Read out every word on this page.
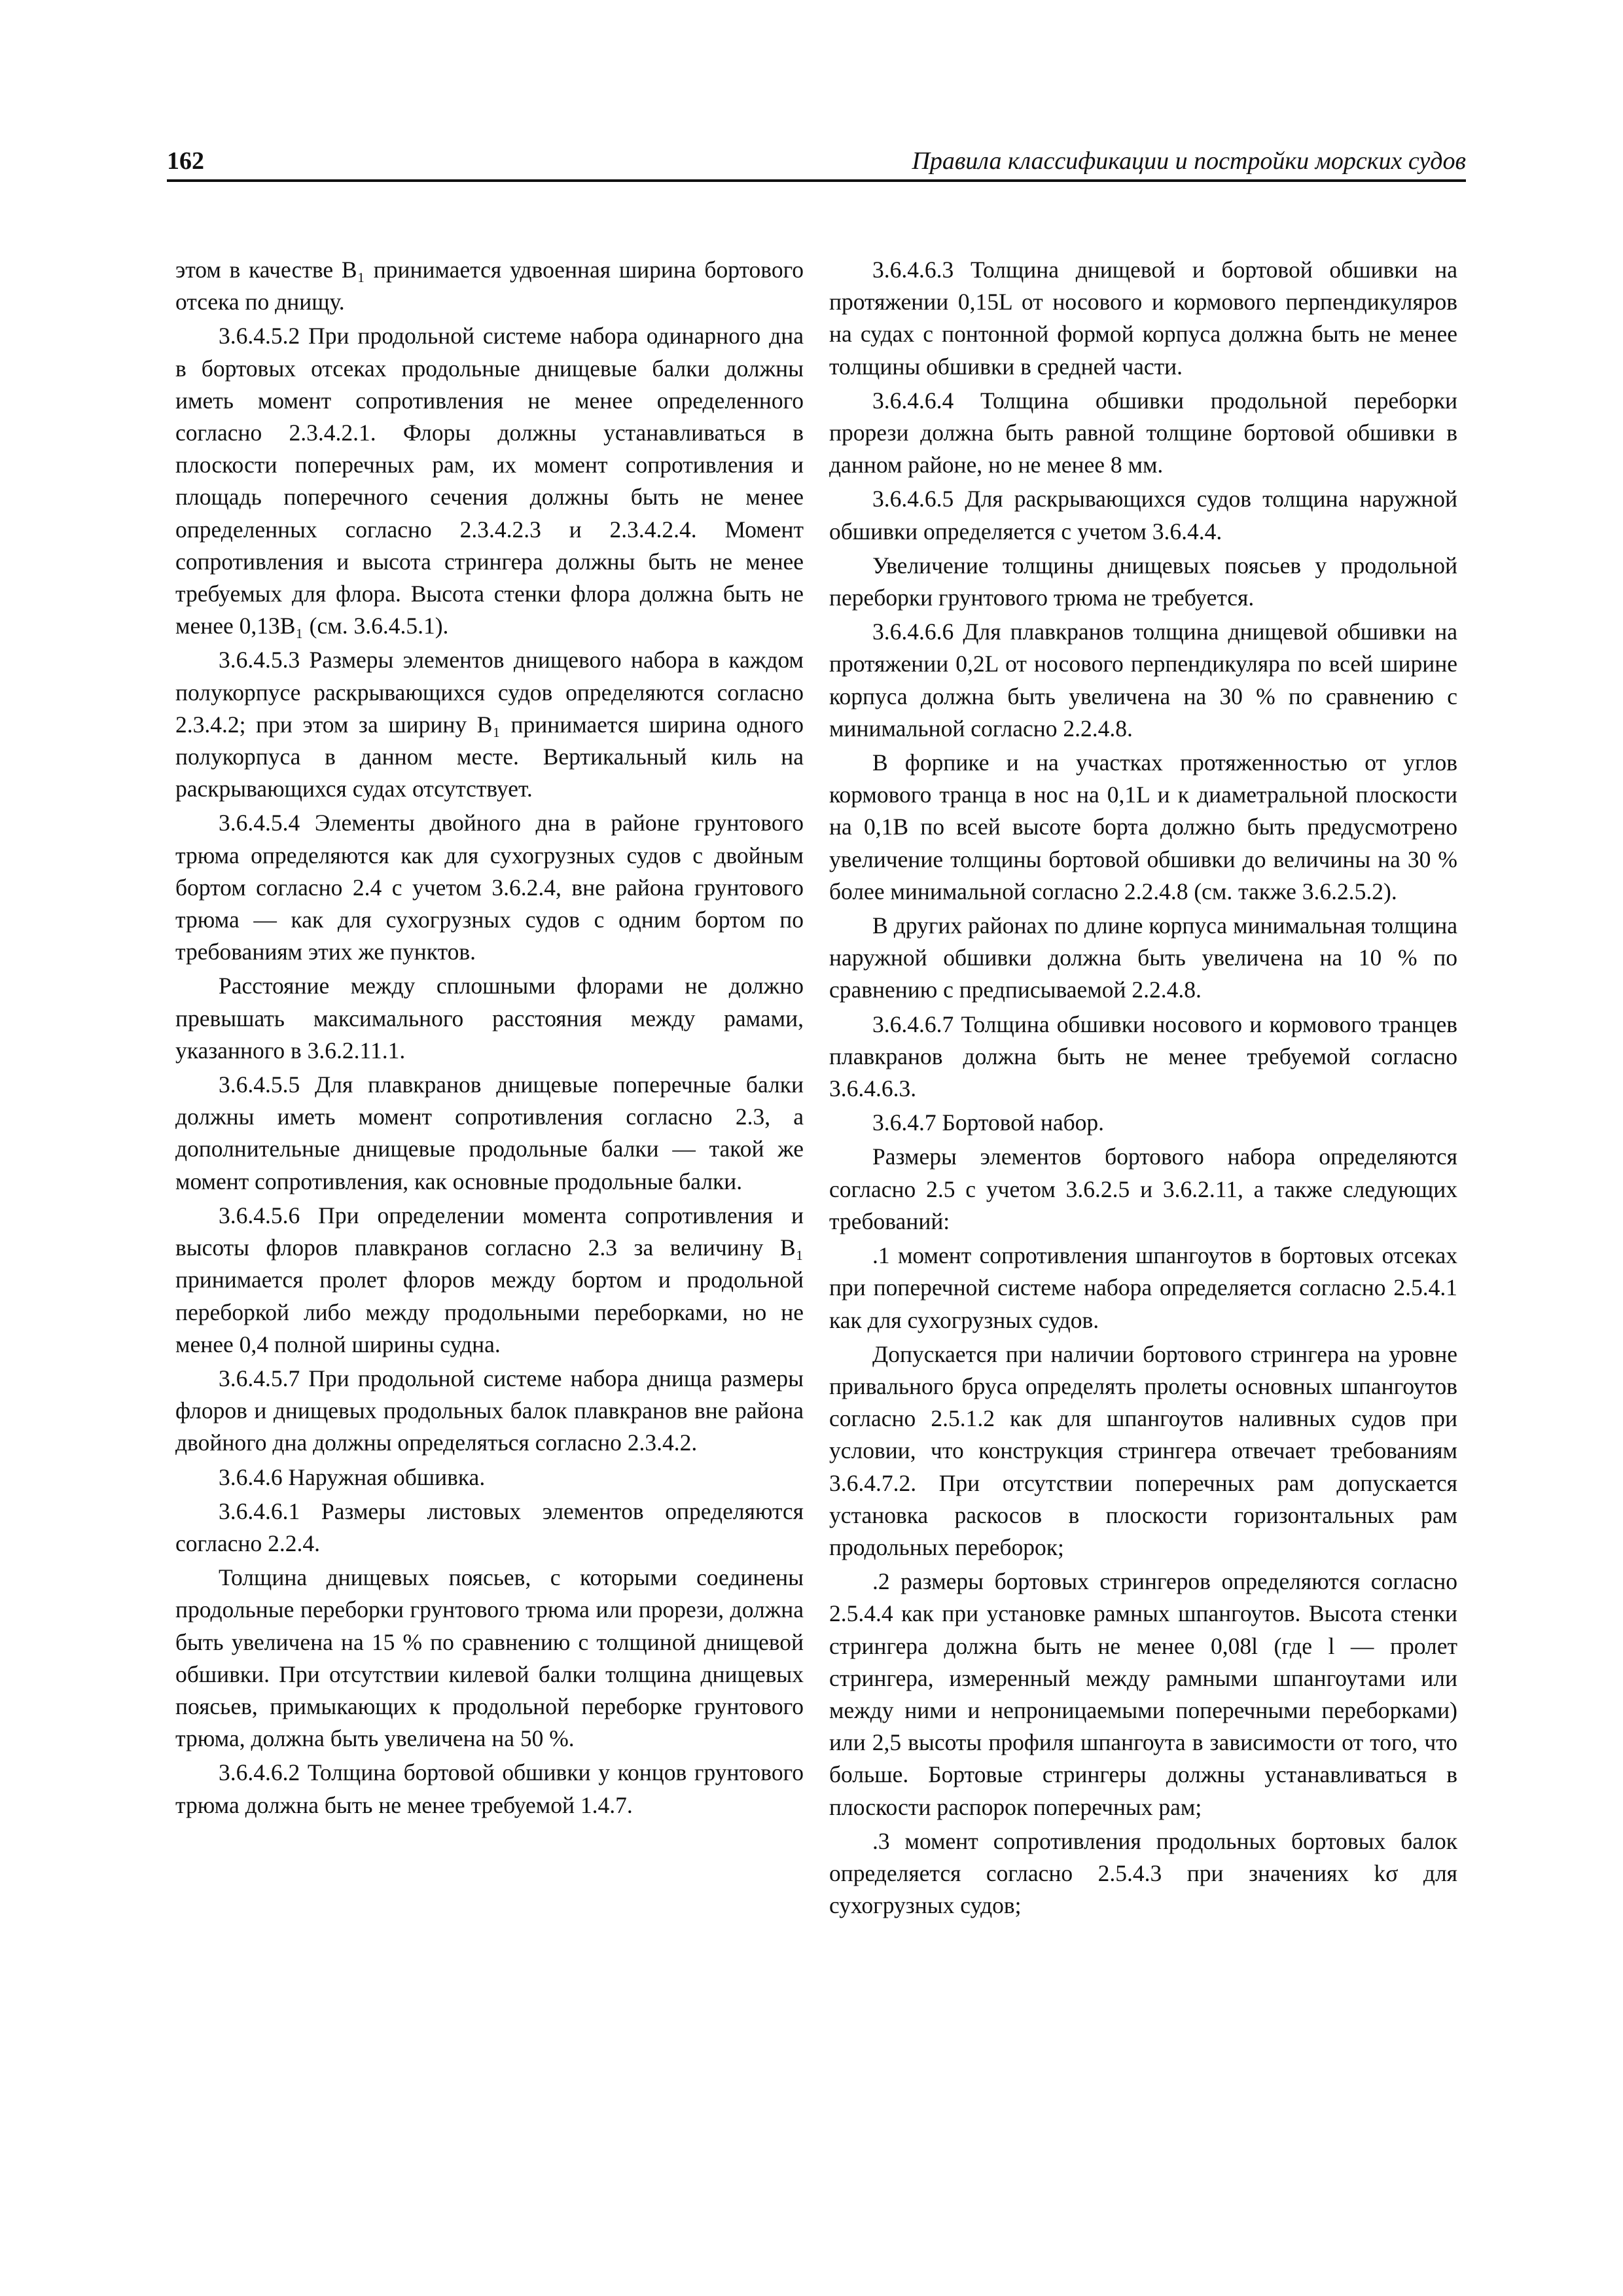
162	Правила классификации и постройки морских судов

этом в качестве B₁ принимается удвоенная ширина бортового отсека по днищу.

3.6.4.5.2 При продольной системе набора одинарного дна в бортовых отсеках продольные днищевые балки должны иметь момент сопротивления не менее определенного согласно 2.3.4.2.1. Флоры должны устанавливаться в плоскости поперечных рам, их момент сопротивления и площадь поперечного сечения должны быть не менее определенных согласно 2.3.4.2.3 и 2.3.4.2.4. Момент сопротивления и высота стрингера должны быть не менее требуемых для флора. Высота стенки флора должна быть не менее 0,13B₁ (см. 3.6.4.5.1).

3.6.4.5.3 Размеры элементов днищевого набора в каждом полукорпусе раскрывающихся судов определяются согласно 2.3.4.2; при этом за ширину B₁ принимается ширина одного полукорпуса в данном месте. Вертикальный киль на раскрывающихся судах отсутствует.

3.6.4.5.4 Элементы двойного дна в районе грунтового трюма определяются как для сухогрузных судов с двойным бортом согласно 2.4 с учетом 3.6.2.4, вне района грунтового трюма — как для сухогрузных судов с одним бортом по требованиям этих же пунктов.

Расстояние между сплошными флорами не должно превышать максимального расстояния между рамами, указанного в 3.6.2.11.1.

3.6.4.5.5 Для плавкранов днищевые поперечные балки должны иметь момент сопротивления согласно 2.3, а дополнительные днищевые продольные балки — такой же момент сопротивления, как основные продольные балки.

3.6.4.5.6 При определении момента сопротивления и высоты флоров плавкранов согласно 2.3 за величину B₁ принимается пролет флоров между бортом и продольной переборкой либо между продольными переборками, но не менее 0,4 полной ширины судна.

3.6.4.5.7 При продольной системе набора днища размеры флоров и днищевых продольных балок плавкранов вне района двойного дна должны определяться согласно 2.3.4.2.

3.6.4.6 Наружная обшивка.

3.6.4.6.1 Размеры листовых элементов определяются согласно 2.2.4.

Толщина днищевых поясьев, с которыми соединены продольные переборки грунтового трюма или прорези, должна быть увеличена на 15 % по сравнению с толщиной днищевой обшивки. При отсутствии килевой балки толщина днищевых поясьев, примыкающих к продольной переборке грунтового трюма, должна быть увеличена на 50 %.

3.6.4.6.2 Толщина бортовой обшивки у концов грунтового трюма должна быть не менее требуемой 1.4.7.

3.6.4.6.3 Толщина днищевой и бортовой обшивки на протяжении 0,15L от носового и кормового перпендикуляров на судах с понтонной формой корпуса должна быть не менее толщины обшивки в средней части.

3.6.4.6.4 Толщина обшивки продольной переборки прорези должна быть равной толщине бортовой обшивки в данном районе, но не менее 8 мм.

3.6.4.6.5 Для раскрывающихся судов толщина наружной обшивки определяется с учетом 3.6.4.4.

Увеличение толщины днищевых поясьев у продольной переборки грунтового трюма не требуется.

3.6.4.6.6 Для плавкранов толщина днищевой обшивки на протяжении 0,2L от носового перпендикуляра по всей ширине корпуса должна быть увеличена на 30 % по сравнению с минимальной согласно 2.2.4.8.

В форпике и на участках протяженностью от углов кормового транца в нос на 0,1L и к диаметральной плоскости на 0,1B по всей высоте борта должно быть предусмотрено увеличение толщины бортовой обшивки до величины на 30 % более минимальной согласно 2.2.4.8 (см. также 3.6.2.5.2).

В других районах по длине корпуса минимальная толщина наружной обшивки должна быть увеличена на 10 % по сравнению с предписываемой 2.2.4.8.

3.6.4.6.7 Толщина обшивки носового и кормового транцев плавкранов должна быть не менее требуемой согласно 3.6.4.6.3.

3.6.4.7 Бортовой набор.

Размеры элементов бортового набора определяются согласно 2.5 с учетом 3.6.2.5 и 3.6.2.11, а также следующих требований:

.1 момент сопротивления шпангоутов в бортовых отсеках при поперечной системе набора определяется согласно 2.5.4.1 как для сухогрузных судов.

Допускается при наличии бортового стрингера на уровне привального бруса определять пролеты основных шпангоутов согласно 2.5.1.2 как для шпангоутов наливных судов при условии, что конструкция стрингера отвечает требованиям 3.6.4.7.2. При отсутствии поперечных рам допускается установка раскосов в плоскости горизонтальных рам продольных переборок;

.2 размеры бортовых стрингеров определяются согласно 2.5.4.4 как при установке рамных шпангоутов. Высота стенки стрингера должна быть не менее 0,08l (где l — пролет стрингера, измеренный между рамными шпангоутами или между ними и непроницаемыми поперечными переборками) или 2,5 высоты профиля шпангоута в зависимости от того, что больше. Бортовые стрингеры должны устанавливаться в плоскости распорок поперечных рам;

.3 момент сопротивления продольных бортовых балок определяется согласно 2.5.4.3 при значениях kσ для сухогрузных судов;
